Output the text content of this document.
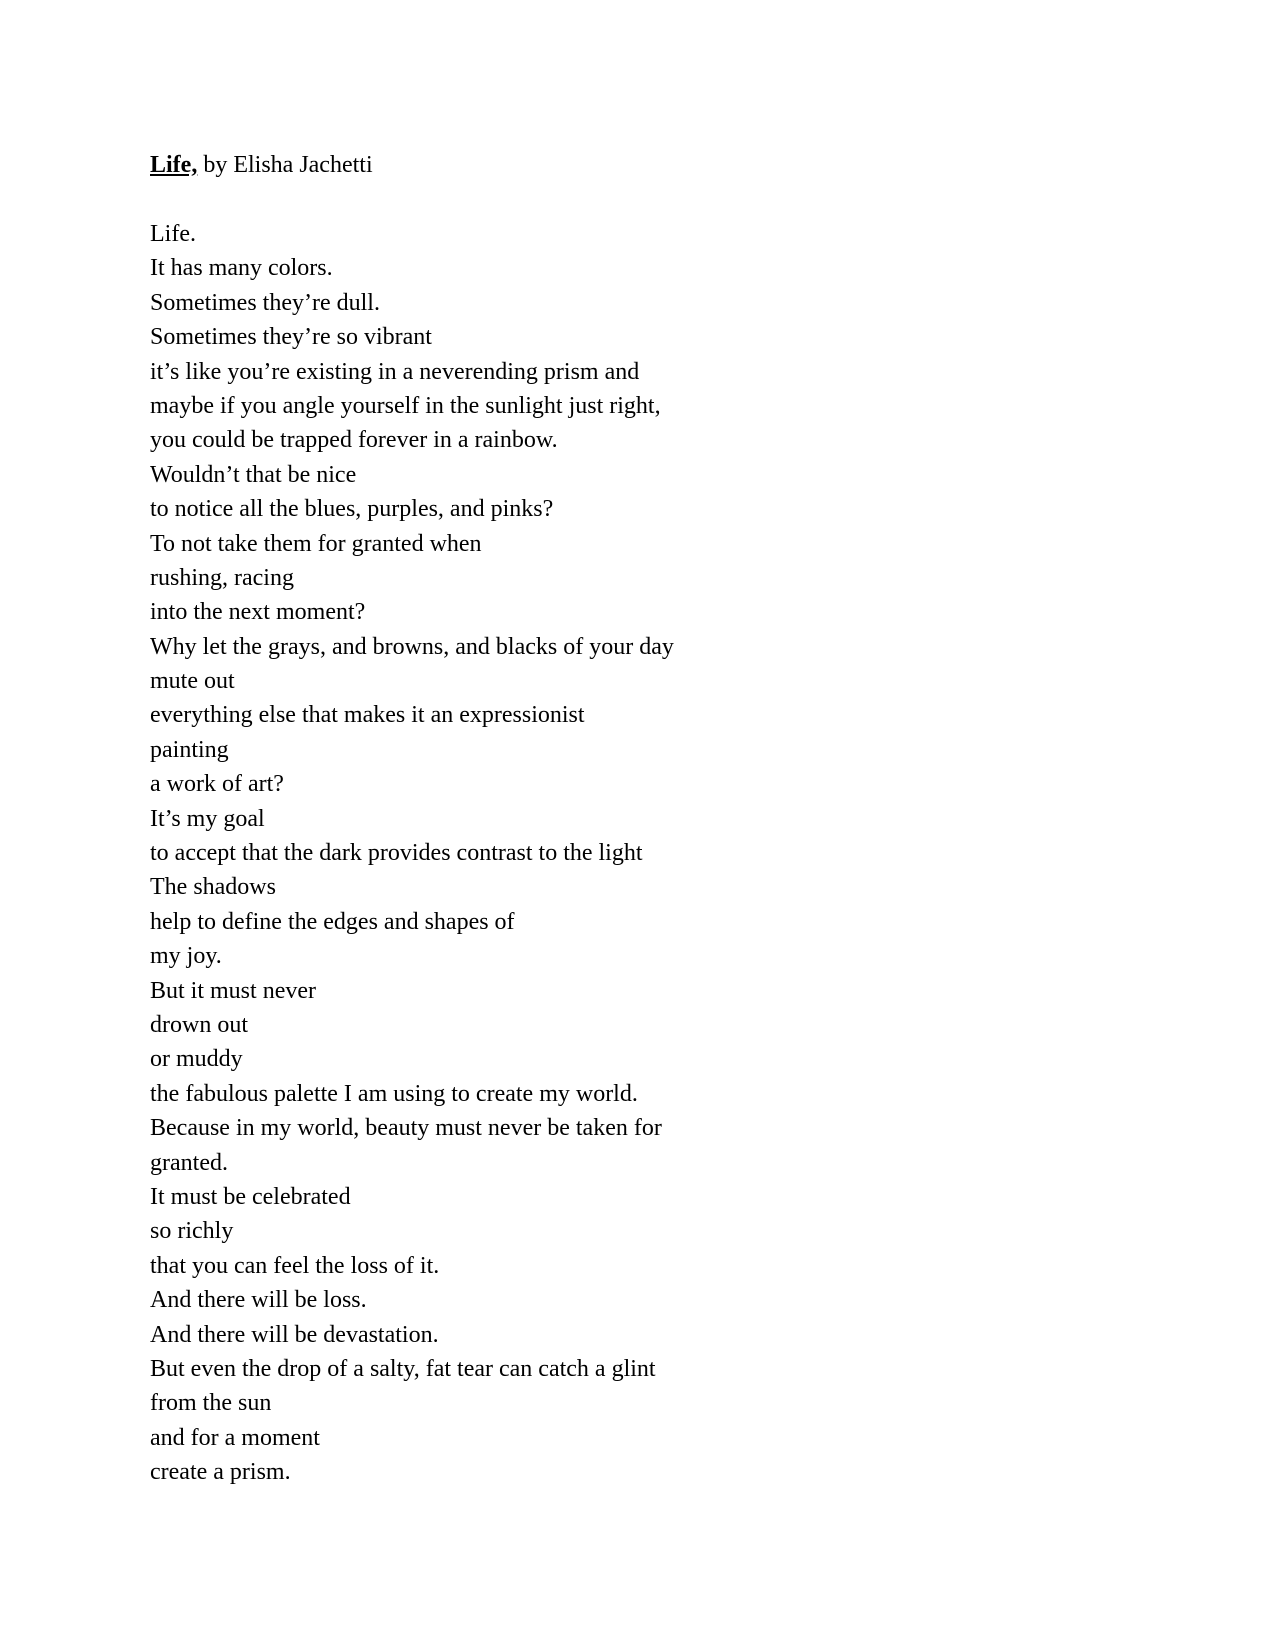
Life, by Elisha Jachetti
Life.
It has many colors.
Sometimes they’re dull.
Sometimes they’re so vibrant
it’s like you’re existing in a neverending prism and
maybe if you angle yourself in the sunlight just right,
you could be trapped forever in a rainbow.
Wouldn’t that be nice
to notice all the blues, purples, and pinks?
To not take them for granted when
rushing, racing
into the next moment?
Why let the grays, and browns, and blacks of your day
mute out
everything else that makes it an expressionist
painting
a work of art?
It’s my goal
to accept that the dark provides contrast to the light
The shadows
help to define the edges and shapes of
my joy.
But it must never
drown out
or muddy
the fabulous palette I am using to create my world.
Because in my world, beauty must never be taken for
granted.
It must be celebrated
so richly
that you can feel the loss of it.
And there will be loss.
And there will be devastation.
But even the drop of a salty, fat tear can catch a glint
from the sun
and for a moment
create a prism.
